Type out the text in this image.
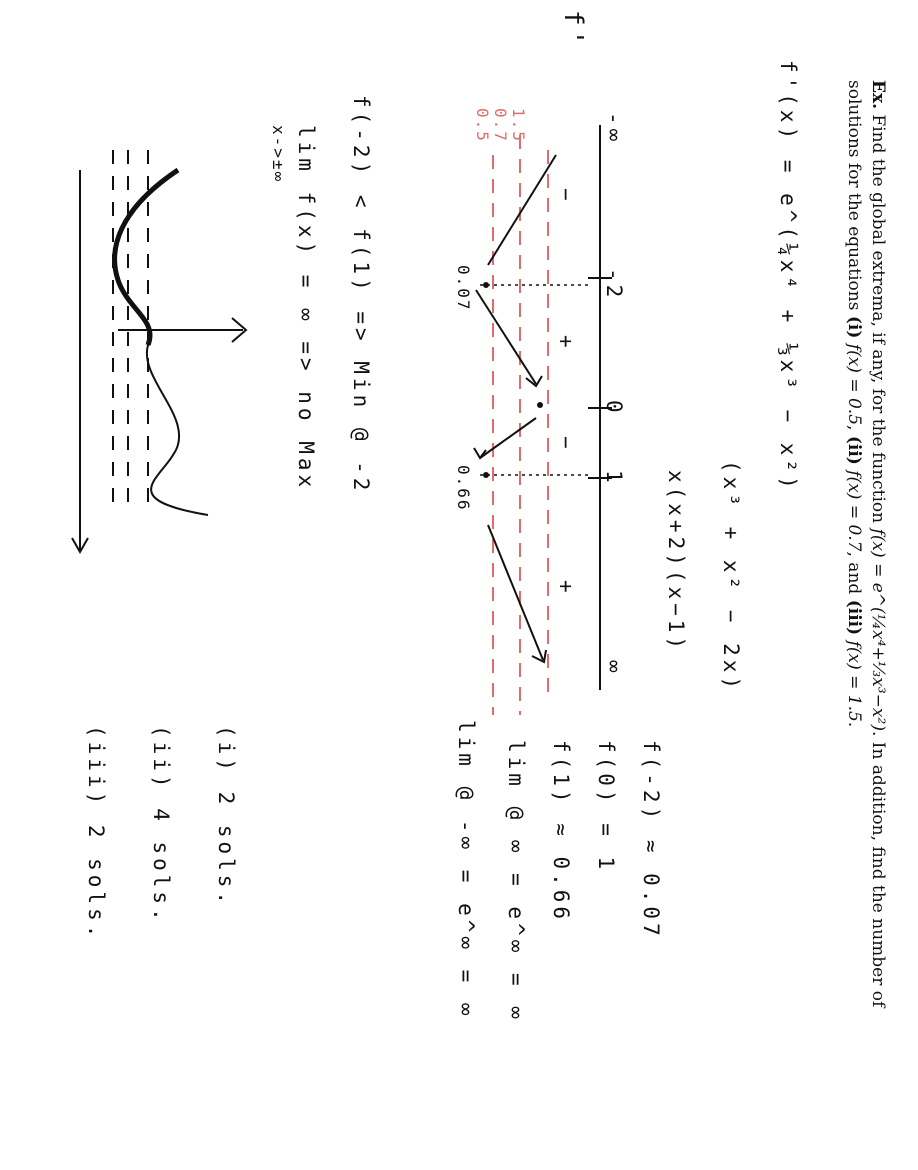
Ex. Find the global extrema, if any, for the function f(x) = e^(¼x⁴+⅓x³−x²). In addition, find the number of solutions for the equations (i) f(x) = 0.5, (ii) f(x) = 0.7, and (iii) f(x) = 1.5.
f'(x) = e^(¼x⁴ + ⅓x³ − x²)
(x³ + x² − 2x)
x(x+2)(x−1)
f'
-∞
-2
0
1
∞
−
+
−
+
1.5
0.7
0.5
0.07
0.66
f(-2) < f(1) => Min @ -2
lim f(x) = ∞ => no Max
x->±∞
f(-2) ≈ 0.07
f(0) = 1
f(1) ≈ 0.66
lim @ ∞ = e^∞ = ∞
lim @ -∞ = e^∞ = ∞
(i) 2 sols.
(ii) 4 sols.
(iii) 2 sols.
